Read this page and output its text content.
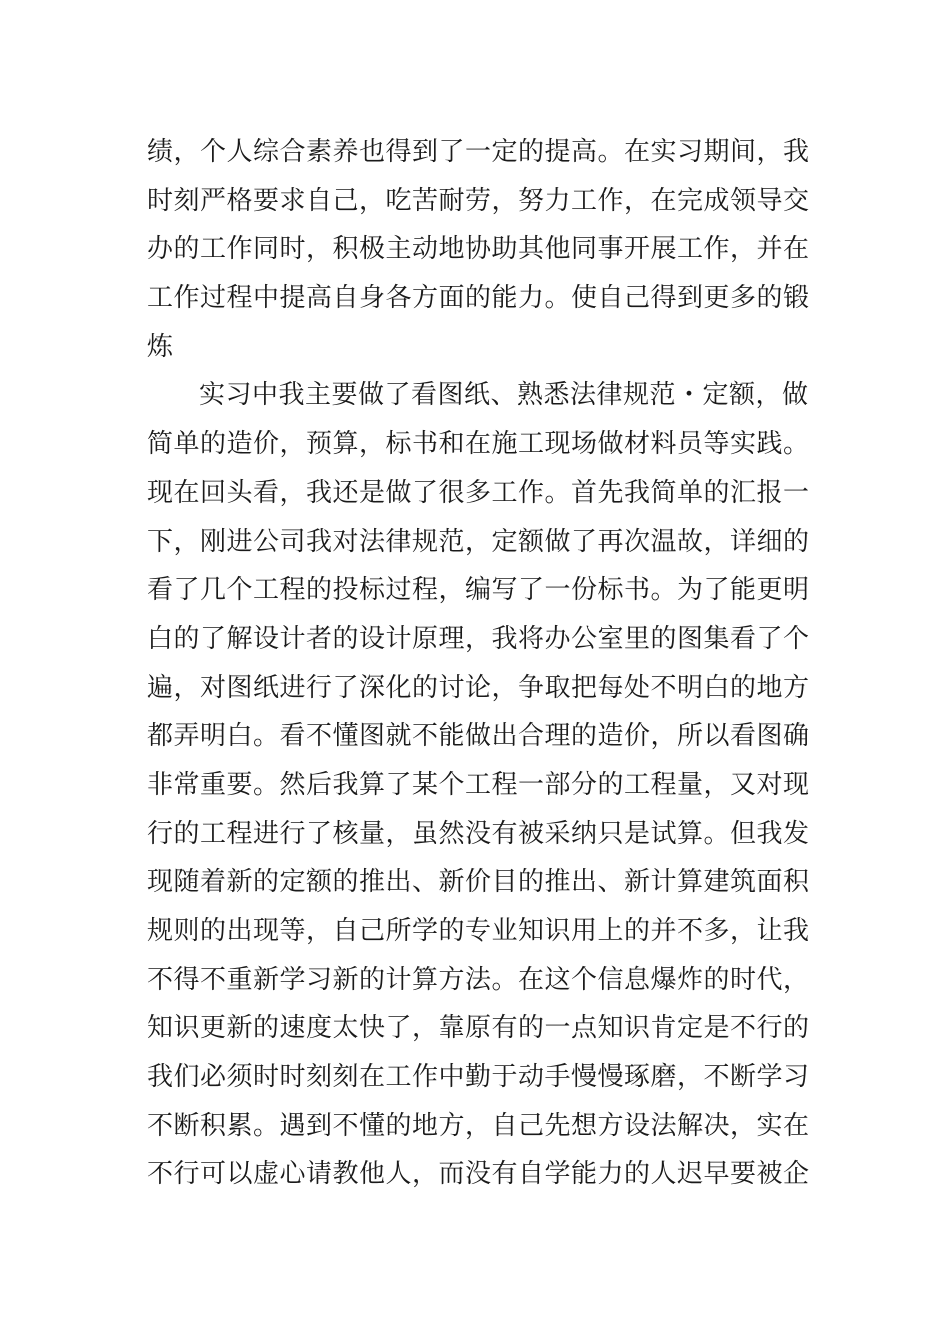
绩，个人综合素养也得到了一定的提高。在实习期间，我
时刻严格要求自己，吃苦耐劳，努力工作，在完成领导交
办的工作同时，积极主动地协助其他同事开展工作，并在
工作过程中提高自身各方面的能力。使自己得到更多的锻
炼
实习中我主要做了看图纸、熟悉法律规范・定额，做
简单的造价，预算，标书和在施工现场做材料员等实践。
现在回头看，我还是做了很多工作。首先我简单的汇报一
下，刚进公司我对法律规范，定额做了再次温故，详细的
看了几个工程的投标过程，编写了一份标书。为了能更明
白的了解设计者的设计原理，我将办公室里的图集看了个
遍，对图纸进行了深化的讨论，争取把每处不明白的地方
都弄明白。看不懂图就不能做出合理的造价，所以看图确
非常重要。然后我算了某个工程一部分的工程量，又对现
行的工程进行了核量，虽然没有被采纳只是试算。但我发
现随着新的定额的推出、新价目的推出、新计算建筑面积
规则的出现等，自己所学的专业知识用上的并不多，让我
不得不重新学习新的计算方法。在这个信息爆炸的时代，
知识更新的速度太快了，靠原有的一点知识肯定是不行的
我们必须时时刻刻在工作中勤于动手慢慢琢磨，不断学习
不断积累。遇到不懂的地方，自己先想方设法解决，实在
不行可以虚心请教他人，而没有自学能力的人迟早要被企
